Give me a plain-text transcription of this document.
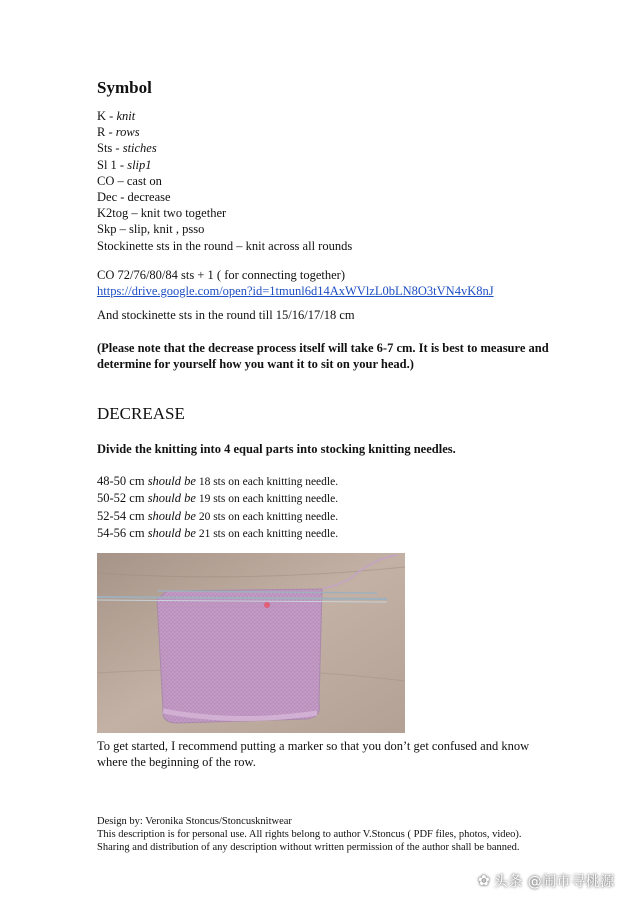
Symbol
K - knit
R - rows
Sts - stiches
Sl 1 - slip1
CO – cast on
Dec - decrease
K2tog – knit two together
Skp – slip, knit , psso
Stockinette sts in the round – knit across all rounds
CO 72/76/80/84 sts + 1 ( for connecting together)
https://drive.google.com/open?id=1tmunl6d14AxWVlzL0bLN8O3tVN4vK8nJ
And stockinette sts in the round till 15/16/17/18 cm
(Please note that the decrease process itself will take 6-7 cm. It is best to measure and determine for yourself how you want it to sit on your head.)
DECREASE
Divide the knitting into 4 equal parts into stocking knitting needles.
48-50 cm should be 18 sts on each knitting needle.
50-52 cm should be 19 sts on each knitting needle.
52-54 cm should be 20 sts on each knitting needle.
54-56 cm should be 21 sts on each knitting needle.
To get started, I recommend putting a marker so that you don’t get confused and know where the beginning of the row.
Design by: Veronika Stoncus/Stoncusknitwear
This description is for personal use. All rights belong to author V.Stoncus ( PDF files, photos, video).
Sharing and distribution of any description without written permission of the author shall be banned.
✿ 头条 @闹市寻桃源
